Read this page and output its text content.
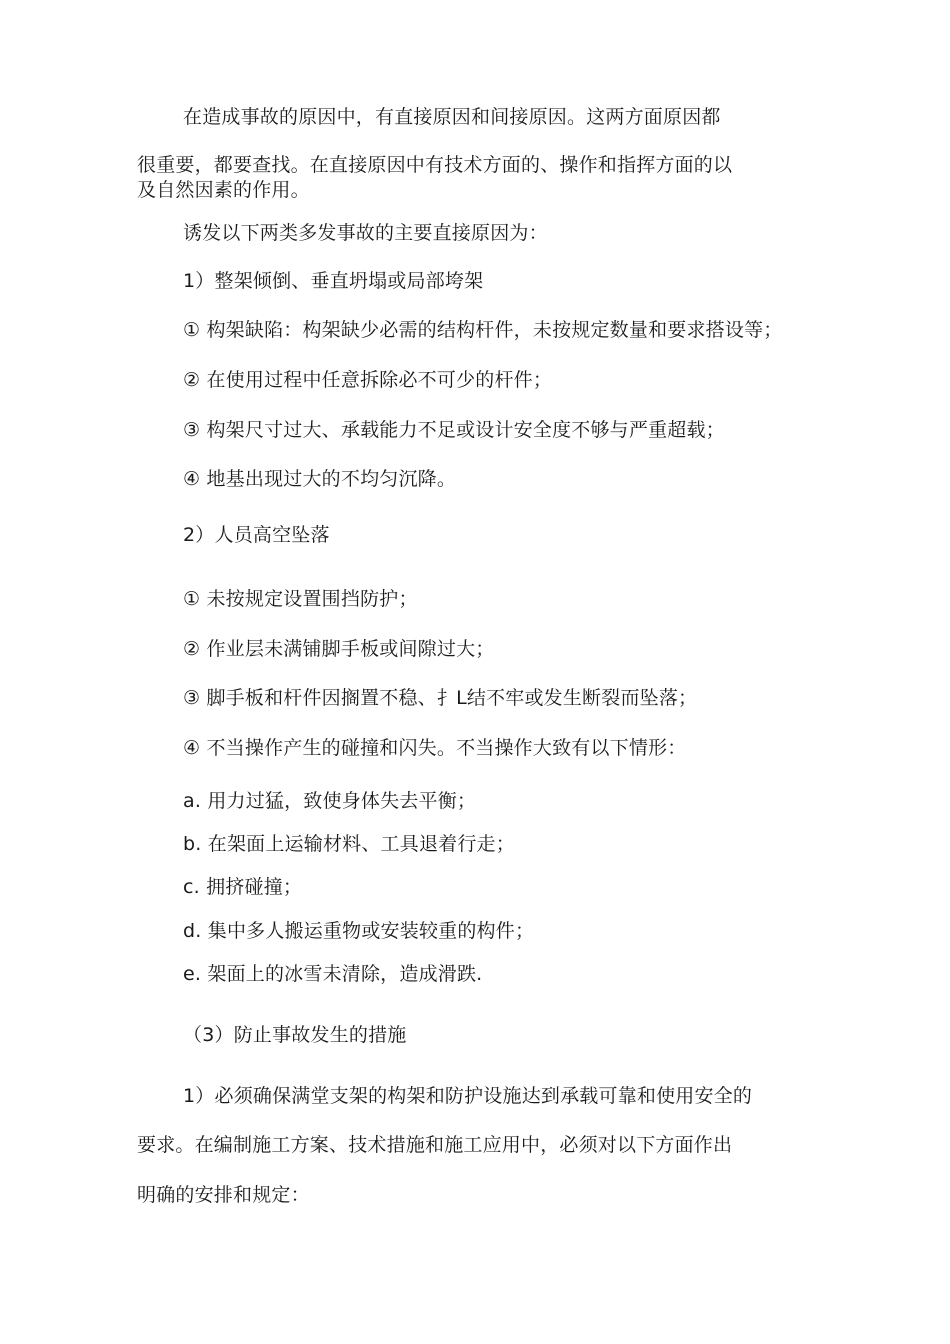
在造成事故的原因中，有直接原因和间接原因。这两方面原因都
很重要，都要查找。在直接原因中有技术方面的、操作和指挥方面的以
及自然因素的作用。
诱发以下两类多发事故的主要直接原因为：
1）整架倾倒、垂直坍塌或局部垮架
① 构架缺陷：构架缺少必需的结构杆件，未按规定数量和要求搭设等；
② 在使用过程中任意拆除必不可少的杆件；
③ 构架尺寸过大、承载能力不足或设计安全度不够与严重超载；
④ 地基出现过大的不均匀沉降。
2）人员高空坠落
① 未按规定设置围挡防护；
② 作业层未满铺脚手板或间隙过大；
③ 脚手板和杆件因搁置不稳、扌L结不牢或发生断裂而坠落；
④ 不当操作产生的碰撞和闪失。不当操作大致有以下情形：
a. 用力过猛，致使身体失去平衡；
b. 在架面上运输材料、工具退着行走；
c. 拥挤碰撞；
d. 集中多人搬运重物或安装较重的构件；
e. 架面上的冰雪未清除，造成滑跌.
（3）防止事故发生的措施
1）必须确保满堂支架的构架和防护设施达到承载可靠和使用安全的
要求。在编制施工方案、技术措施和施工应用中，必须对以下方面作出
明确的安排和规定：
